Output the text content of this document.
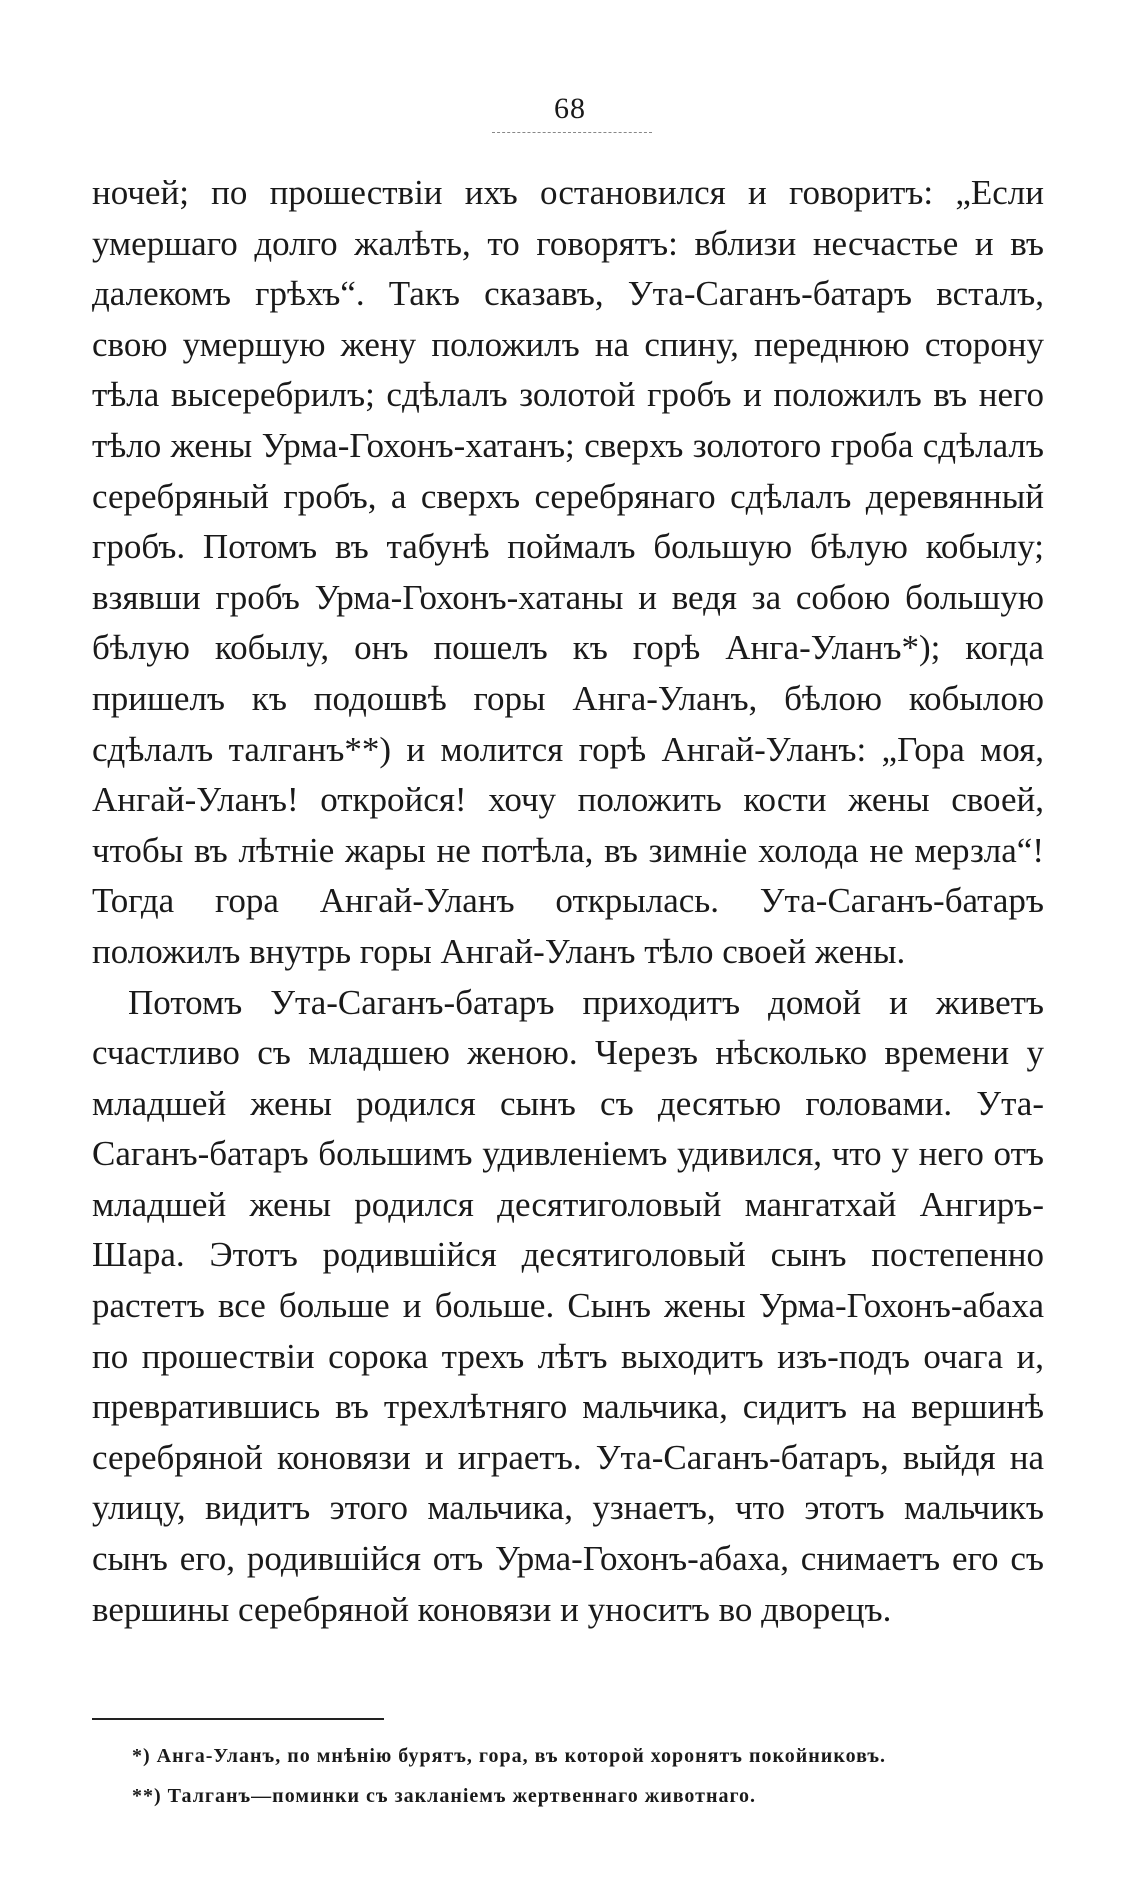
68

ночей; по прошествіи ихъ остановился и говоритъ: „Если умершаго долго жалѣть, то говорятъ: вблизи несчастье и въ далекомъ грѣхъ“. Такъ сказавъ, Ута-Саганъ-батаръ всталъ, свою умершую жену положилъ на спину, переднюю сторону тѣла высеребрилъ; сдѣлалъ золотой гробъ и положилъ въ него тѣло жены Урма-Гохонъ-хатанъ; сверхъ золотого гроба сдѣлалъ серебряный гробъ, а сверхъ серебрянаго сдѣлалъ деревянный гробъ. Потомъ въ табунѣ поймалъ большую бѣлую кобылу; взявши гробъ Урма-Гохонъ-хатаны и ведя за собою большую бѣлую кобылу, онъ пошелъ къ горѣ Анга-Уланъ*); когда пришелъ къ подошвѣ горы Анга-Уланъ, бѣлою кобылою сдѣлалъ талганъ**) и молится горѣ Ангай-Уланъ: „Гора моя, Ангай-Уланъ! откройся! хочу положить кости жены своей, чтобы въ лѣтніе жары не потѣла, въ зимніе холода не мерзла“! Тогда гора Ангай-Уланъ открылась. Ута-Саганъ-батаръ положилъ внутрь горы Ангай-Уланъ тѣло своей жены.

Потомъ Ута-Саганъ-батаръ приходитъ домой и живетъ счастливо съ младшею женою. Черезъ нѣсколько времени у младшей жены родился сынъ съ десятью головами. Ута-Саганъ-батаръ большимъ удивленіемъ удивился, что у него отъ младшей жены родился десятиголовый мангатхай Ангиръ-Шара. Этотъ родившійся десятиголовый сынъ постепенно растетъ все больше и больше. Сынъ жены Урма-Гохонъ-абаха по прошествіи сорока трехъ лѣтъ выходитъ изъ-подъ очага и, превратившись въ трехлѣтняго мальчика, сидитъ на вершинѣ серебряной коновязи и играетъ. Ута-Саганъ-батаръ, выйдя на улицу, видитъ этого мальчика, узнаетъ, что этотъ мальчикъ сынъ его, родившійся отъ Урма-Гохонъ-абаха, снимаетъ его съ вершины серебряной коновязи и уноситъ во дворецъ.

*) Анга-Уланъ, по мнѣнію бурятъ, гора, въ которой хоронятъ покойниковъ.
**) Талганъ—поминки съ закланіемъ жертвеннаго животнаго.
